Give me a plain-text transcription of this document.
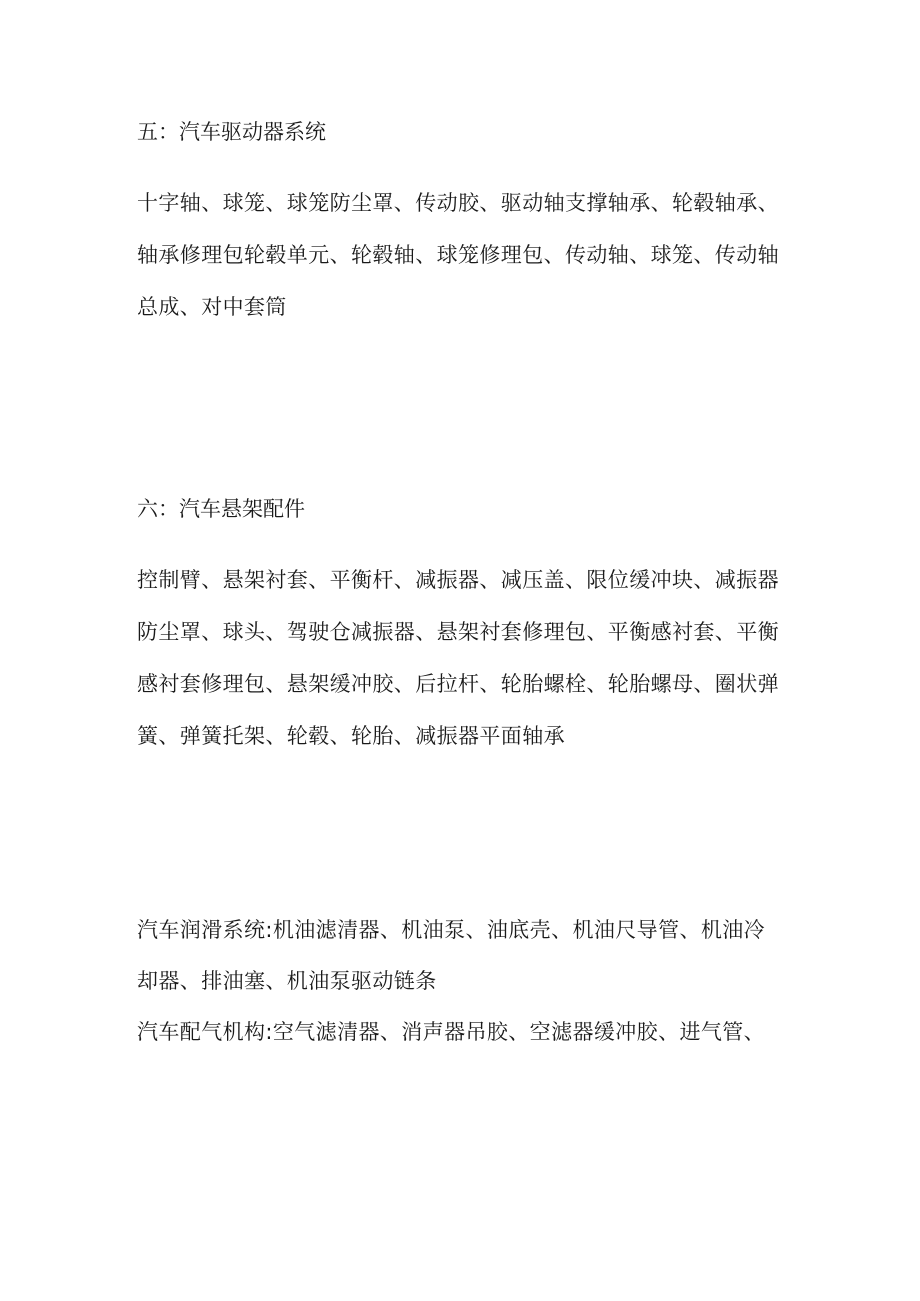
五：汽车驱动器系统
十字轴、球笼、球笼防尘罩、传动胶、驱动轴支撑轴承、轮毂轴承、
轴承修理包轮毂单元、轮毂轴、球笼修理包、传动轴、球笼、传动轴
总成、对中套筒
六：汽车悬架配件
控制臂、悬架衬套、平衡杆、减振器、减压盖、限位缓冲块、减振器
防尘罩、球头、驾驶仓减振器、悬架衬套修理包、平衡感衬套、平衡
感衬套修理包、悬架缓冲胶、后拉杆、轮胎螺栓、轮胎螺母、圈状弹
簧、弹簧托架、轮毂、轮胎、减振器平面轴承
汽车润滑系统:机油滤清器、机油泵、油底壳、机油尺导管、机油冷
却器、排油塞、机油泵驱动链条
汽车配气机构:空气滤清器、消声器吊胶、空滤器缓冲胶、进气管、
